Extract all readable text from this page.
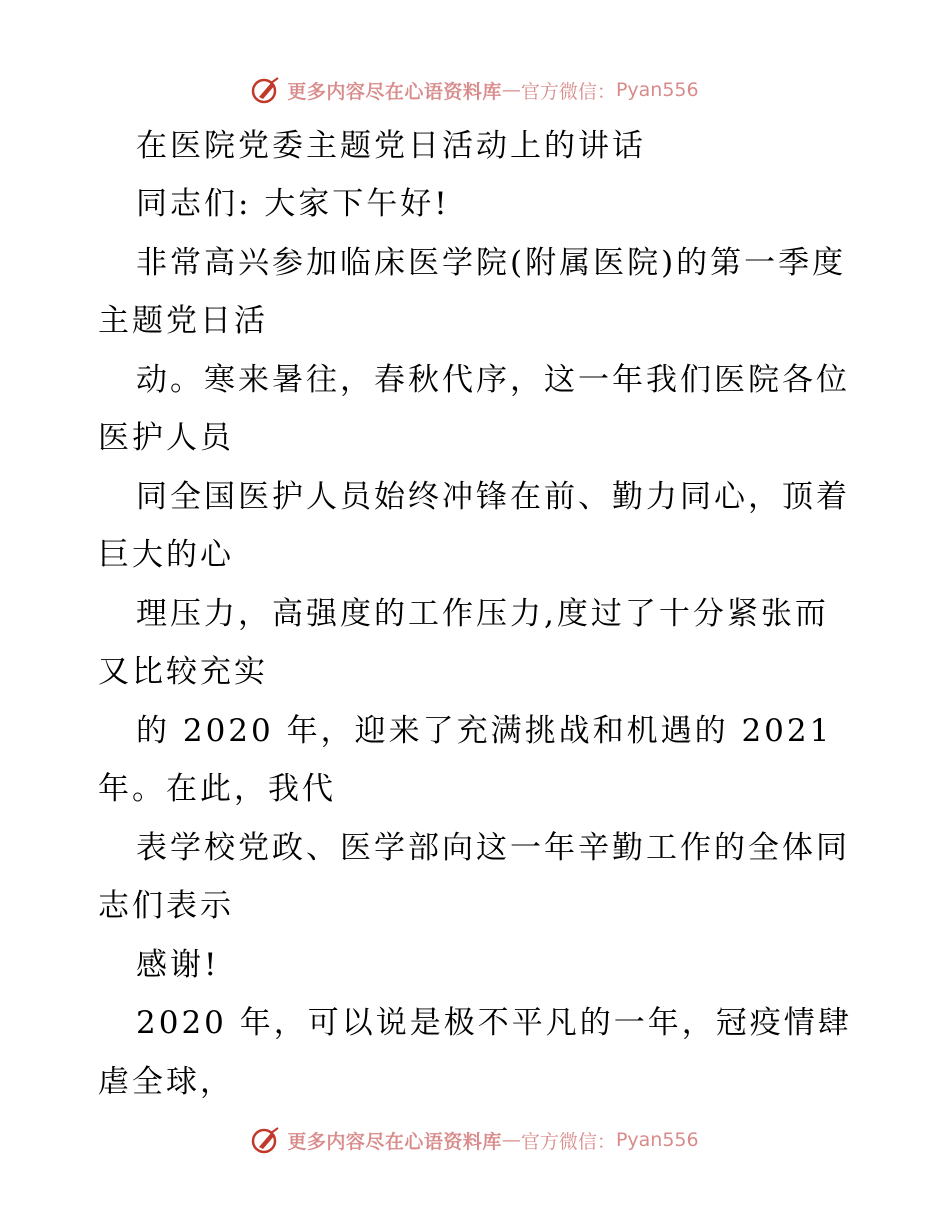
更多内容尽在心语资料库 — 官方微信： Pyan556
在医院党委主题党日活动上的讲话
同志们: 大家下午好!
非常高兴参加临床医学院(附属医院)的第一季度
主题党日活
动。寒来暑往，春秋代序，这一年我们医院各位
医护人员
同全国医护人员始终冲锋在前、勤力同心，顶着
巨大的心
理压力，高强度的工作压力,度过了十分紧张而
又比较充实
的 2020 年，迎来了充满挑战和机遇的 2021
年。在此，我代
表学校党政、医学部向这一年辛勤工作的全体同
志们表示
感谢!
2020 年，可以说是极不平凡的一年，冠疫情肆
虐全球，
更多内容尽在心语资料库 — 官方微信： Pyan556
